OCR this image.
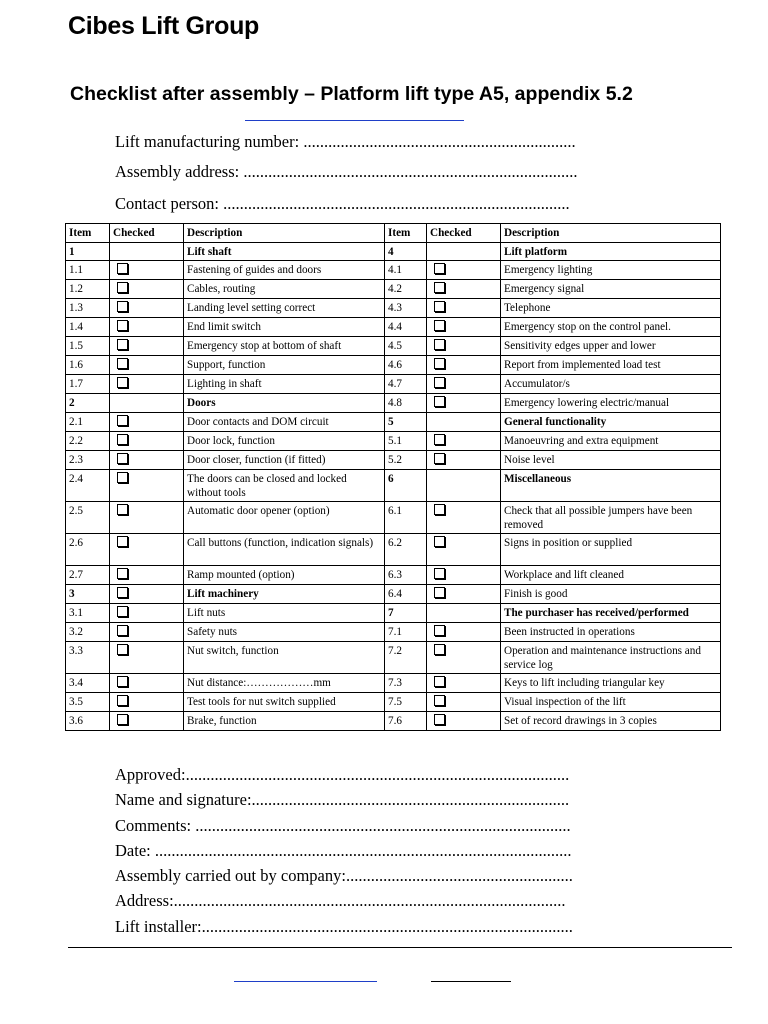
Cibes Lift Group
Checklist after assembly – Platform lift type A5, appendix 5.2
Lift manufacturing number: ..................................................................
Assembly address: .................................................................................
Contact person: ....................................................................................
Item	Checked	Description	Item	Checked	Description
1		Lift shaft	4		Lift platform
1.1		Fastening of guides and doors	4.1		Emergency lighting
1.2		Cables, routing	4.2		Emergency signal
1.3		Landing level setting correct	4.3		Telephone
1.4		End limit switch	4.4		Emergency stop on the control panel.
1.5		Emergency stop at bottom of shaft	4.5		Sensitivity edges upper and lower
1.6		Support, function	4.6		Report from implemented load test
1.7		Lighting in shaft	4.7		Accumulator/s
2		Doors	4.8		Emergency lowering electric/manual
2.1		Door contacts and DOM circuit	5		General functionality
2.2		Door lock, function	5.1		Manoeuvring and extra equipment
2.3		Door closer, function (if fitted)	5.2		Noise level
2.4		The doors can be closed and locked without tools	6		Miscellaneous
2.5		Automatic door opener (option)	6.1		Check that all possible jumpers have been removed
2.6		Call buttons (function, indication signals)	6.2		Signs in position or supplied
2.7		Ramp mounted (option)	6.3		Workplace and lift cleaned
3		Lift machinery	6.4		Finish is good
3.1		Lift nuts	7		The purchaser has received/performed
3.2		Safety nuts	7.1		Been instructed in operations
3.3		Nut switch, function	7.2		Operation and maintenance instructions and service log
3.4		Nut distance:………………mm	7.3		Keys to lift including triangular key
3.5		Test tools for nut switch supplied	7.5		Visual inspection of the lift
3.6		Brake, function	7.6		Set of record drawings in 3 copies
Approved:.............................................................................................
Name and signature:.............................................................................
Comments: ...........................................................................................
Date: .....................................................................................................
Assembly carried out by company:.......................................................
Address:...............................................................................................
Lift installer:..........................................................................................
